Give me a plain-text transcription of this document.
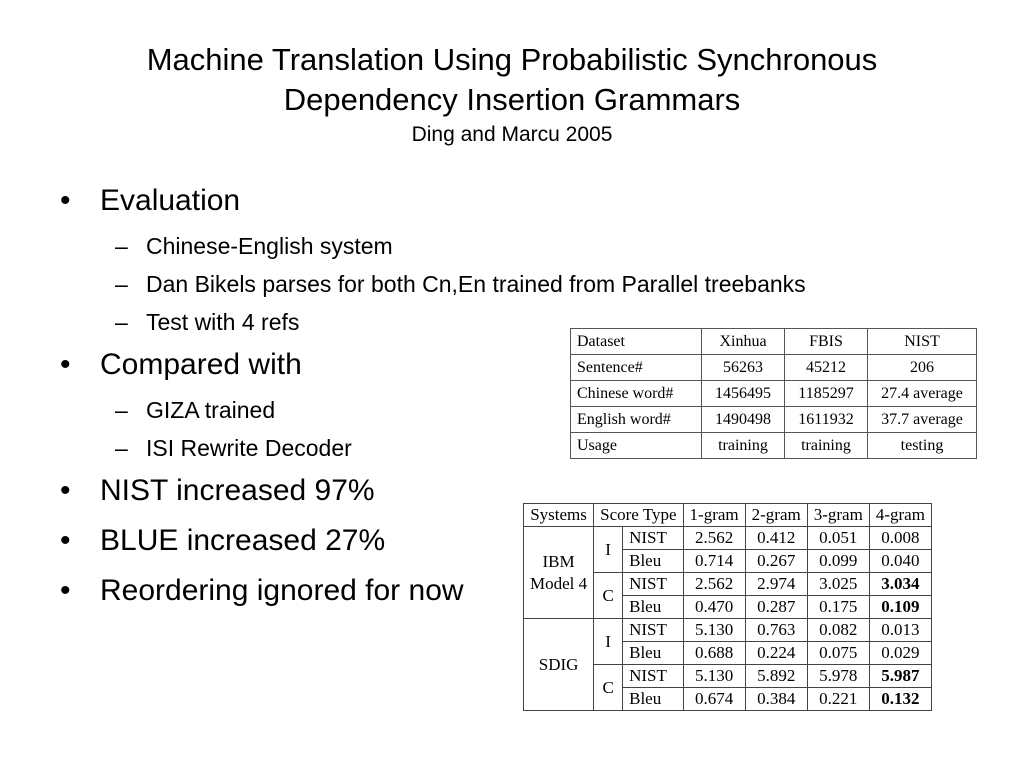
Machine Translation Using Probabilistic Synchronous
Dependency Insertion Grammars
Ding and Marcu 2005
• Evaluation
– Chinese-English system
– Dan Bikels parses for both Cn,En trained from Parallel treebanks
– Test with 4 refs
• Compared with
– GIZA trained
– ISI Rewrite Decoder
• NIST increased 97%
• BLUE increased 27%
• Reordering ignored for now
Dataset	Xinhua	FBIS	NIST
Sentence#	56263	45212	206
Chinese word#	1456495	1185297	27.4 average
English word#	1490498	1611932	37.7 average
Usage	training	training	testing
Systems	Score Type		1-gram	2-gram	3-gram	4-gram
IBM
Model 4	I	NIST	2.562	0.412	0.051	0.008
		Bleu	0.714	0.267	0.099	0.040
	C	NIST	2.562	2.974	3.025	3.034
		Bleu	0.470	0.287	0.175	0.109
SDIG	I	NIST	5.130	0.763	0.082	0.013
		Bleu	0.688	0.224	0.075	0.029
	C	NIST	5.130	5.892	5.978	5.987
		Bleu	0.674	0.384	0.221	0.132
